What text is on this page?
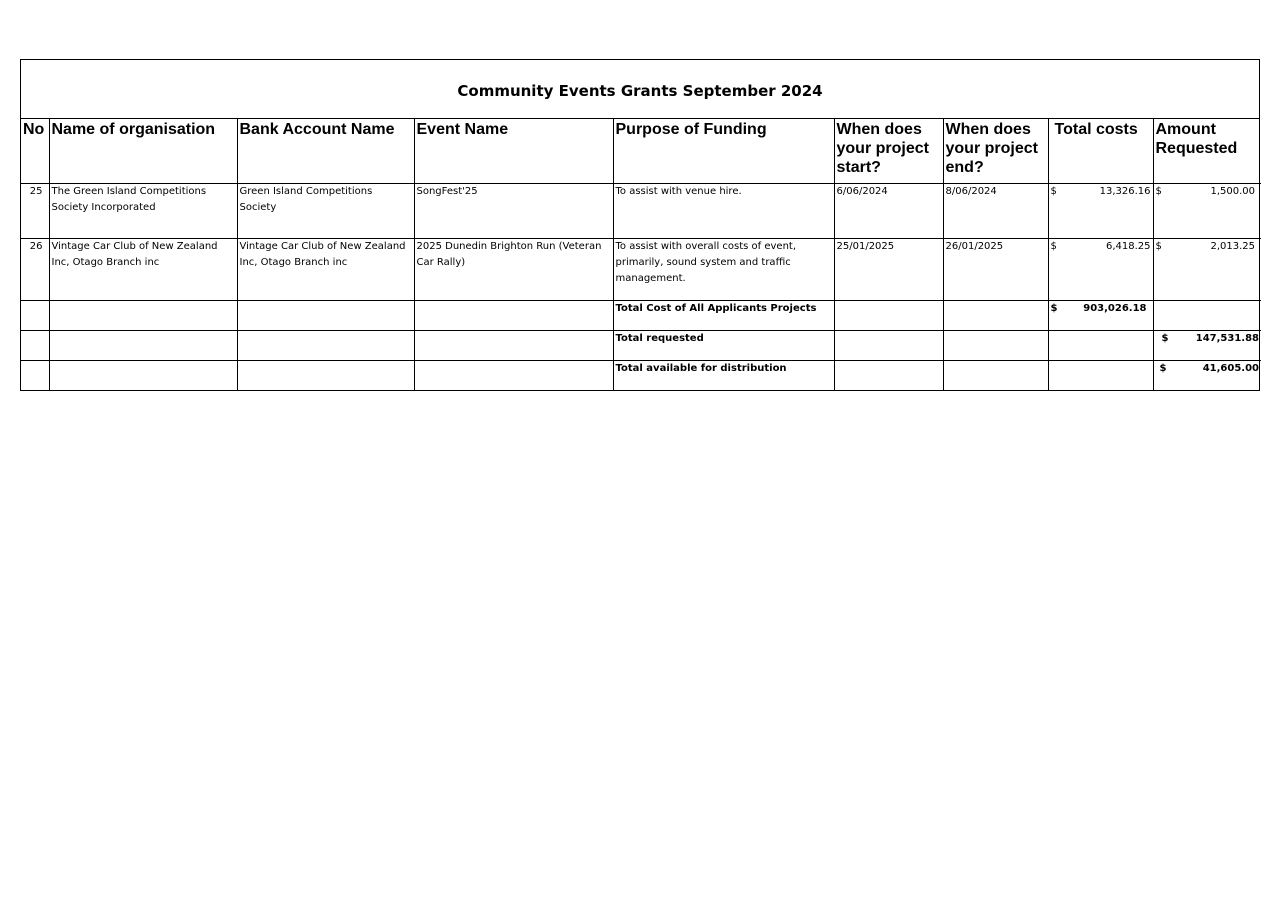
Community Events Grants September 2024
No	Name of organisation	Bank Account Name	Event Name	Purpose of Funding	When does your project start?	When does your project end?	Total costs	Amount Requested
25	The Green Island Competitions Society Incorporated	Green Island Competitions Society	SongFest'25	To assist with venue hire.	6/06/2024	8/06/2024	$ 13,326.16	$ 1,500.00

26	Vintage Car Club of New Zealand Inc, Otago Branch inc	Vintage Car Club of New Zealand Inc, Otago Branch inc	2025 Dunedin Brighton Run (Veteran Car Rally)	To assist with overall costs of event, primarily, sound system and traffic management.	25/01/2025	26/01/2025	$ 6,418.25	$ 2,013.25

				Total Cost of All Applicants Projects			$ 903,026.18	

				Total requested				$ 147,531.88

				Total available for distribution				$ 41,605.00
